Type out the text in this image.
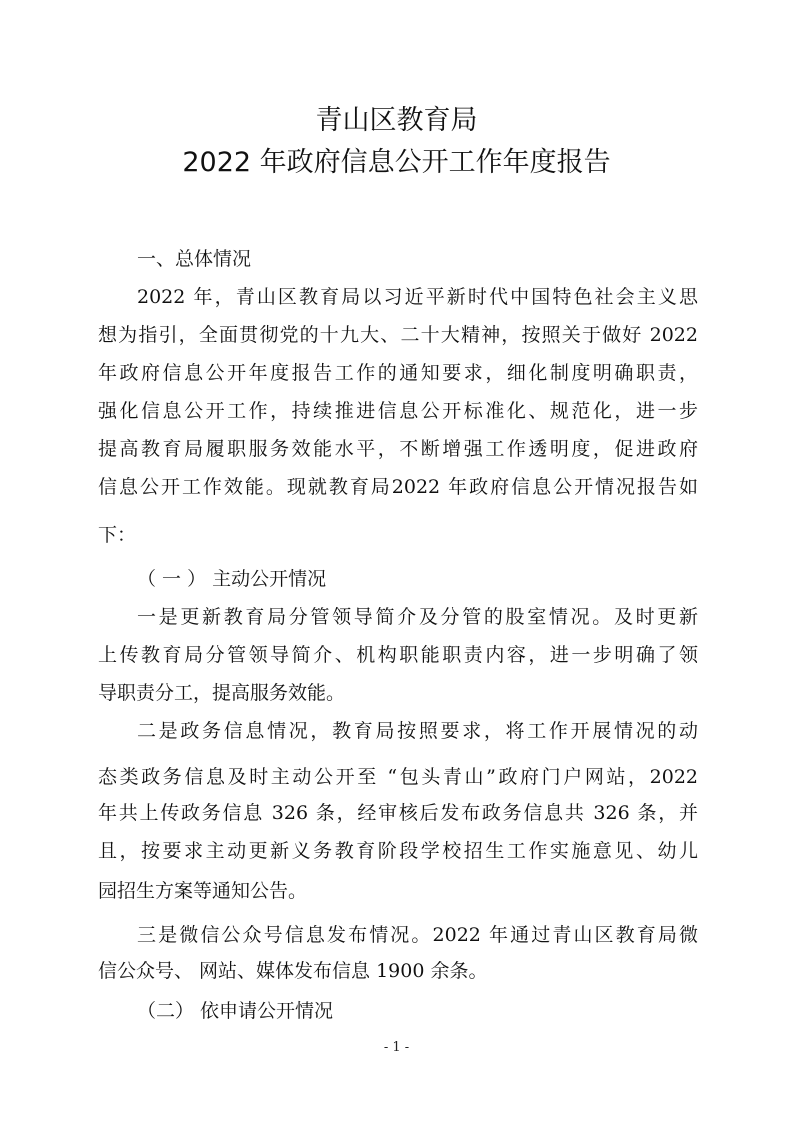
青山区教育局
2022 年政府信息公开工作年度报告
一、总体情况
2022 年，青山区教育局以习近平新时代中国特色社会主义思
想为指引，全面贯彻党的十九大、二十大精神，按照关于做好 2022
年政府信息公开年度报告工作的通知要求，细化制度明确职责，
强化信息公开工作，持续推进信息公开标准化、规范化，进一步
提高教育局履职服务效能水平，不断增强工作透明度，促进政府
信息公开工作效能。现就教育局2022 年政府信息公开情况报告如
下：
（ 一 ） 主动公开情况
一是更新教育局分管领导简介及分管的股室情况。及时更新
上传教育局分管领导简介、机构职能职责内容，进一步明确了领
导职责分工，提高服务效能。
二是政务信息情况，教育局按照要求，将工作开展情况的动
态类政务信息及时主动公开至 “包头青山”政府门户网站，2022
年共上传政务信息 326 条，经审核后发布政务信息共 326 条，并
且，按要求主动更新义务教育阶段学校招生工作实施意见、幼儿
园招生方案等通知公告。
三是微信公众号信息发布情况。2022 年通过青山区教育局微
信公众号、 网站、媒体发布信息 1900 余条。
（二） 依申请公开情况
- 1 -
